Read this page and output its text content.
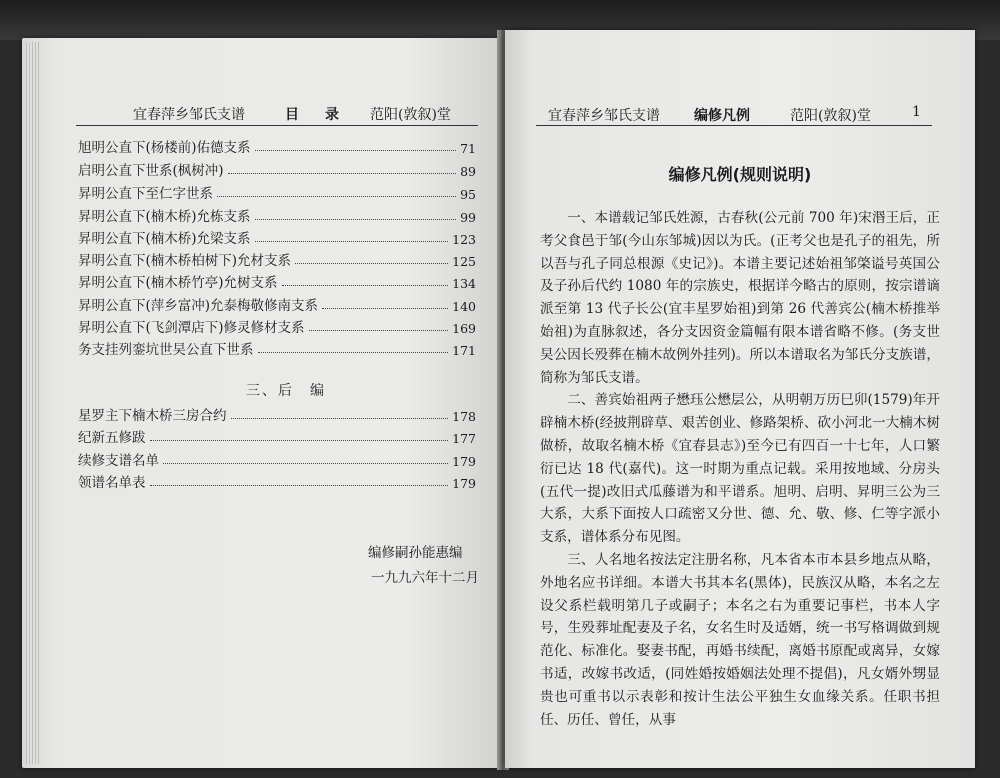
宜春萍乡邹氏支谱	目　录 范阳(敦叙)堂
旭明公直下(杨楼前)佑德支系	71
启明公直下世系(枫树冲)	89
昇明公直下至仁字世系	95
昇明公直下(楠木桥)允栋支系	99
昇明公直下(楠木桥)允梁支系	123
昇明公直下(楠木桥柏树下)允材支系	125
昇明公直下(楠木桥竹亭)允树支系	134
昇明公直下(萍乡富冲)允泰梅敬修南支系	140
昇明公直下(飞剑潭店下)修灵修材支系	169
务支挂列銮坑世旲公直下世系	171
三、后　编
星罗主下楠木桥三房合约	178
纪新五修跋	177
续修支谱名单	179
领谱名单表	179
编修嗣孙能惠编
一九九六年十二月
宜春萍乡邹氏支谱 编修凡例	范阳(敦叙)堂	1
编修凡例(规则说明)

一、本谱载记邹氏姓源，古春秋(公元前 700 年)宋湣王后，正考父食邑于邹(今山东邹城)因以为氏。(正考父也是孔子的祖先，所以吾与孔子同总根源《史记》)。本谱主要记述始祖邹棨谥号英国公及子孙后代约 1080 年的宗族史，根据详今略古的原则，按宗谱谪派至第 13 代子长公(宜丰星罗始祖)到第 26 代善宾公(楠木桥推举始祖)为直脉叙述，各分支因资金篇幅有限本谱省略不修。(务支世旲公因长殁葬在楠木故例外挂列)。所以本谱取名为邹氏分支族谱，简称为邹氏支谱。

二、善宾始祖两子懋珏公懋层公，从明朝万历巳卯(1579)年开辟楠木桥(经披荆辟草、艰苦创业、修路架桥、砍小河北一大楠木树做桥，故取名楠木桥《宜春县志》)至今已有四百一十七年，人口繁衍已达 18 代(嘉代)。这一时期为重点记载。采用按地域、分房头(五代一提)改旧式瓜藤谱为和平谱系。旭明、启明、昇明三公为三大系，大系下面按人口疏密又分世、德、允、敬、修、仁等字派小支系，谱体系分布见图。

三、人名地名按法定注册名称，凡本省本市本县乡地点从略，外地名应书详细。本谱大书其本名(黑体)，民族汉从略，本名之左设父系栏载明第几子或嗣子；本名之右为重要记事栏，书本人字号，生殁葬址配妻及子名，女名生时及适婿，统一书写格调做到规范化、标准化。娶妻书配，再婚书续配，离婚书原配或离异，女嫁书适，改嫁书改适，(同姓婚按婚姻法处理不提倡)，凡女婿外甥显贵也可重书以示表彰和按计生法公平独生女血缘关系。任职书担任、历任、曾任，从事
